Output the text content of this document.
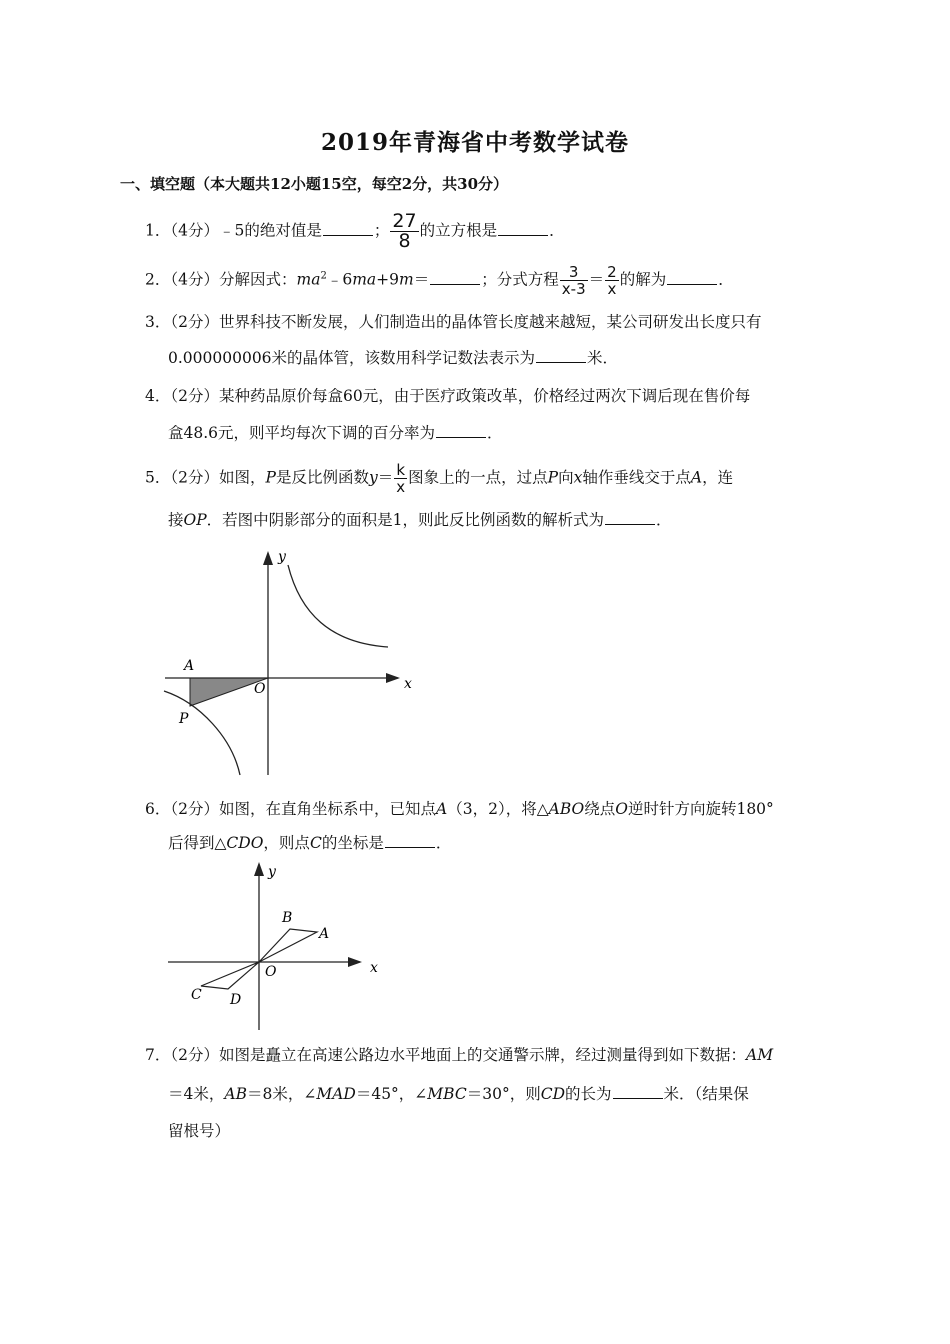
2019年青海省中考数学试卷
一、填空题（本大题共12小题15空，每空2分，共30分）
1．（4分）﹣5的绝对值是	； $\frac{27}{8}$ 的立方根是	．
2．（4分）分解因式：$ma^2﹣6ma+9m=$	；分式方程 $\frac{3}{x-3} = \frac{2}{x}$ 的解为	．
3．（2分）世界科技不断发展，人们制造出的晶体管长度越来越短，某公司研发出长度只有
0.000000006米的晶体管，该数用科学记数法表示为	米．
4．（2分）某种药品原价每盒60元，由于医疗政策改革，价格经过两次下调后现在售价每
盒48.6元，则平均每次下调的百分率为	．
5．（2分）如图，P是反比例函数$y= \frac{k}{x}$ 图象上的一点，过点P向x轴作垂线交于点A，连
接OP．若图中阴影部分的面积是1，则此反比例函数的解析式为	．
y
x
A
O
P
6．（2分）如图，在直角坐标系中，已知点A（3，2），将△ABO绕点O逆时针方向旋转180°
后得到△CDO，则点C的坐标是	．
y
x
B
A
O
C D
7．（2分）如图是矗立在高速公路边水平地面上的交通警示牌，经过测量得到如下数据：AM
＝4米，AB＝8米，∠MAD＝45°，∠MBC＝30°，则CD的长为	米．（结果保
留根号）
